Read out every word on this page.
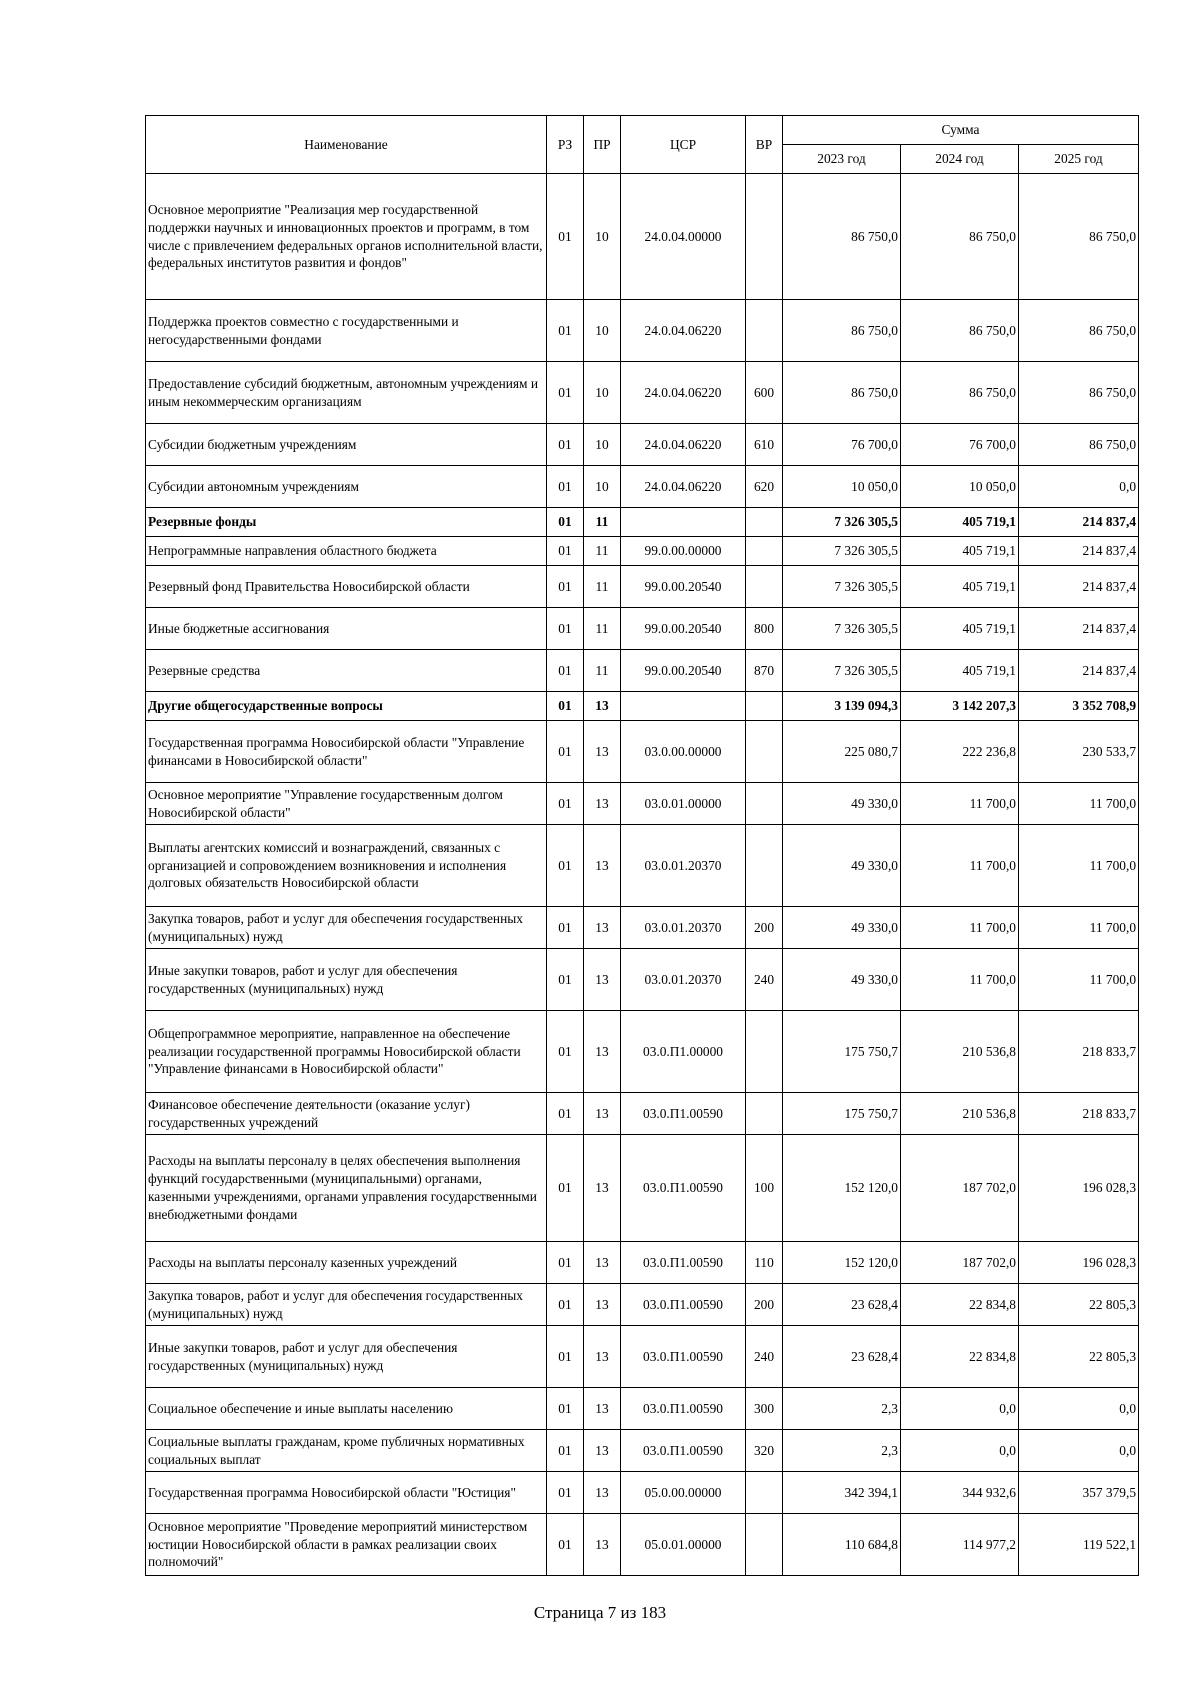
Наименование	РЗ	ПР	ЦСР	ВР	Сумма		
					2023 год	2024 год	2025 год
Основное мероприятие "Реализация мер государственной поддержки научных и инновационных проектов и программ, в том числе с привлечением федеральных органов исполнительной власти, федеральных институтов развития и фондов"	01	10	24.0.04.00000		86 750,0	86 750,0	86 750,0
Поддержка проектов совместно с государственными и негосударственными фондами	01	10	24.0.04.06220		86 750,0	86 750,0	86 750,0
Предоставление субсидий бюджетным, автономным учреждениям и иным некоммерческим организациям	01	10	24.0.04.06220	600	86 750,0	86 750,0	86 750,0
Субсидии бюджетным учреждениям	01	10	24.0.04.06220	610	76 700,0	76 700,0	86 750,0
Субсидии автономным учреждениям	01	10	24.0.04.06220	620	10 050,0	10 050,0	0,0
Резервные фонды	01	11			7 326 305,5	405 719,1	214 837,4
Непрограммные направления областного бюджета	01	11	99.0.00.00000		7 326 305,5	405 719,1	214 837,4
Резервный фонд Правительства Новосибирской области	01	11	99.0.00.20540		7 326 305,5	405 719,1	214 837,4
Иные бюджетные ассигнования	01	11	99.0.00.20540	800	7 326 305,5	405 719,1	214 837,4
Резервные средства	01	11	99.0.00.20540	870	7 326 305,5	405 719,1	214 837,4
Другие общегосударственные вопросы	01	13			3 139 094,3	3 142 207,3	3 352 708,9
Государственная программа Новосибирской области "Управление финансами в Новосибирской области"	01	13	03.0.00.00000		225 080,7	222 236,8	230 533,7
Основное мероприятие "Управление государственным долгом Новосибирской области"	01	13	03.0.01.00000		49 330,0	11 700,0	11 700,0
Выплаты агентских комиссий и вознаграждений, связанных с организацией и сопровождением возникновения и исполнения долговых обязательств Новосибирской области	01	13	03.0.01.20370		49 330,0	11 700,0	11 700,0
Закупка товаров, работ и услуг для обеспечения государственных (муниципальных) нужд	01	13	03.0.01.20370	200	49 330,0	11 700,0	11 700,0
Иные закупки товаров, работ и услуг для обеспечения государственных (муниципальных) нужд	01	13	03.0.01.20370	240	49 330,0	11 700,0	11 700,0
Общепрограммное мероприятие, направленное на обеспечение реализации государственной программы Новосибирской области "Управление финансами в Новосибирской области"	01	13	03.0.П1.00000		175 750,7	210 536,8	218 833,7
Финансовое обеспечение деятельности (оказание услуг) государственных учреждений	01	13	03.0.П1.00590		175 750,7	210 536,8	218 833,7
Расходы на выплаты персоналу в целях обеспечения выполнения функций государственными (муниципальными) органами, казенными учреждениями, органами управления государственными внебюджетными фондами	01	13	03.0.П1.00590	100	152 120,0	187 702,0	196 028,3
Расходы на выплаты персоналу казенных учреждений	01	13	03.0.П1.00590	110	152 120,0	187 702,0	196 028,3
Закупка товаров, работ и услуг для обеспечения государственных (муниципальных) нужд	01	13	03.0.П1.00590	200	23 628,4	22 834,8	22 805,3
Иные закупки товаров, работ и услуг для обеспечения государственных (муниципальных) нужд	01	13	03.0.П1.00590	240	23 628,4	22 834,8	22 805,3
Социальное обеспечение и иные выплаты населению	01	13	03.0.П1.00590	300	2,3	0,0	0,0
Социальные выплаты гражданам, кроме публичных нормативных социальных выплат	01	13	03.0.П1.00590	320	2,3	0,0	0,0
Государственная программа Новосибирской области "Юстиция"	01	13	05.0.00.00000		342 394,1	344 932,6	357 379,5
Основное мероприятие "Проведение мероприятий министерством юстиции Новосибирской области в рамках реализации своих полномочий"	01	13	05.0.01.00000		110 684,8	114 977,2	119 522,1
Страница 7 из 183
